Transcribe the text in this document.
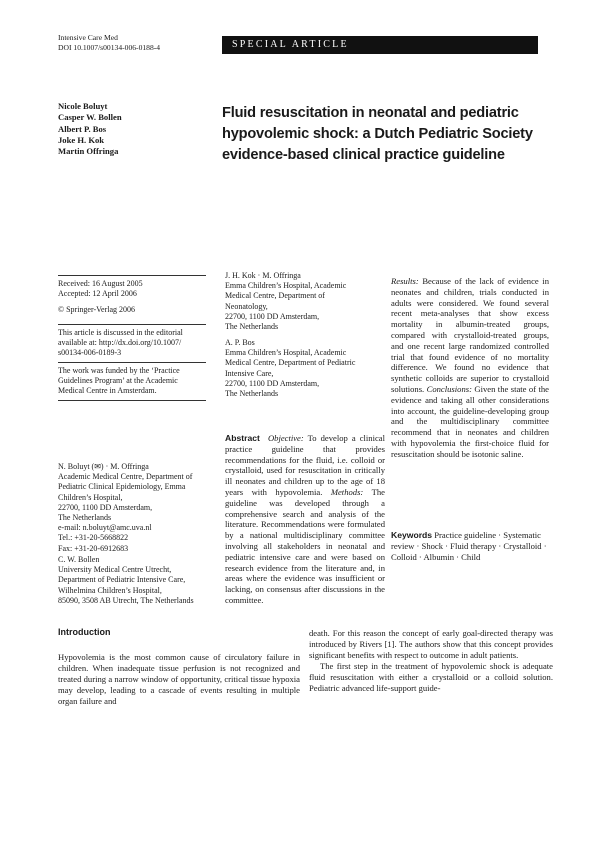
Intensive Care Med
DOI 10.1007/s00134-006-0188-4	SPECIAL ARTICLE
Nicole Boluyt
Casper W. Bollen
Albert P. Bos
Joke H. Kok
Martin Offringa
Fluid resuscitation in neonatal and pediatric hypovolemic shock: a Dutch Pediatric Society evidence-based clinical practice guideline

Received: 16 August 2005

Accepted: 12 April 2006

© Springer-Verlag 2006

This article is discussed in the editorial

available at: http://dx.doi.org/10.1007/

s00134-006-0189-3

The work was funded by the ‘Practice

Guidelines Program’ at the Academic

Medical Centre in Amsterdam.

N. Boluyt (✉) · M. Offringa

Academic Medical Centre, Department of

Pediatric Clinical Epidemiology, Emma

Children’s Hospital,

22700, 1100 DD Amsterdam,

The Netherlands

e-mail: n.boluyt@amc.uva.nl

Tel.: +31-20-5668822

Fax: +31-20-6912683

C. W. Bollen

University Medical Centre Utrecht,

Department of Pediatric Intensive Care,

Wilhelmina Children’s Hospital,

85090, 3508 AB Utrecht, The Netherlands

J. H. Kok · M. Offringa

Emma Children’s Hospital, Academic

Medical Centre, Department of

Neonatology,

22700, 1100 DD Amsterdam,

The Netherlands

A. P. Bos

Emma Children’s Hospital, Academic

Medical Centre, Department of Pediatric

Intensive Care,

22700, 1100 DD Amsterdam,

The Netherlands

Abstract Objective: To develop a clinical practice guideline that provides recommendations for the fluid, i.e. colloid or crystalloid, used for resuscitation in critically ill neonates and children up to the age of 18 years with hypovolemia. Methods: The guideline was developed through a comprehensive search and analysis of the literature. Recommendations were formulated by a national multidisciplinary committee involving all stakeholders in neonatal and pediatric intensive care and were based on research evidence from the literature and, in areas where the evidence was insufficient or lacking, on consensus after discussions in the committee.

Results: Because of the lack of evidence in neonates and children, trials conducted in adults were considered. We found several recent meta-analyses that show excess mortality in albumin-treated groups, compared with crystalloid-treated groups, and one recent large randomized controlled trial that found evidence of no mortality difference. We found no evidence that synthetic colloids are superior to crystalloid solutions. Conclusions: Given the state of the evidence and taking all other considerations into account, the guideline-developing group and the multidisciplinary committee recommend that in neonates and children with hypovolemia the first-choice fluid for resuscitation should be isotonic saline.

Keywords Practice guideline · Systematic review · Shock · Fluid therapy · Crystalloid · Colloid · Albumin · Child
Introduction

Hypovolemia is the most common cause of circulatory failure in children. When inadequate tissue perfusion is not recognized and treated during a narrow window of opportunity, critical tissue hypoxia may develop, leading to a cascade of events resulting in multiple organ failure and

death. For this reason the concept of early goal-directed therapy was introduced by Rivers [1]. The authors show that this concept provides significant benefits with respect to outcome in adult patients.

The first step in the treatment of hypovolemic shock is adequate fluid resuscitation with either a crystalloid or a colloid solution. Pediatric advanced life-support guide-
